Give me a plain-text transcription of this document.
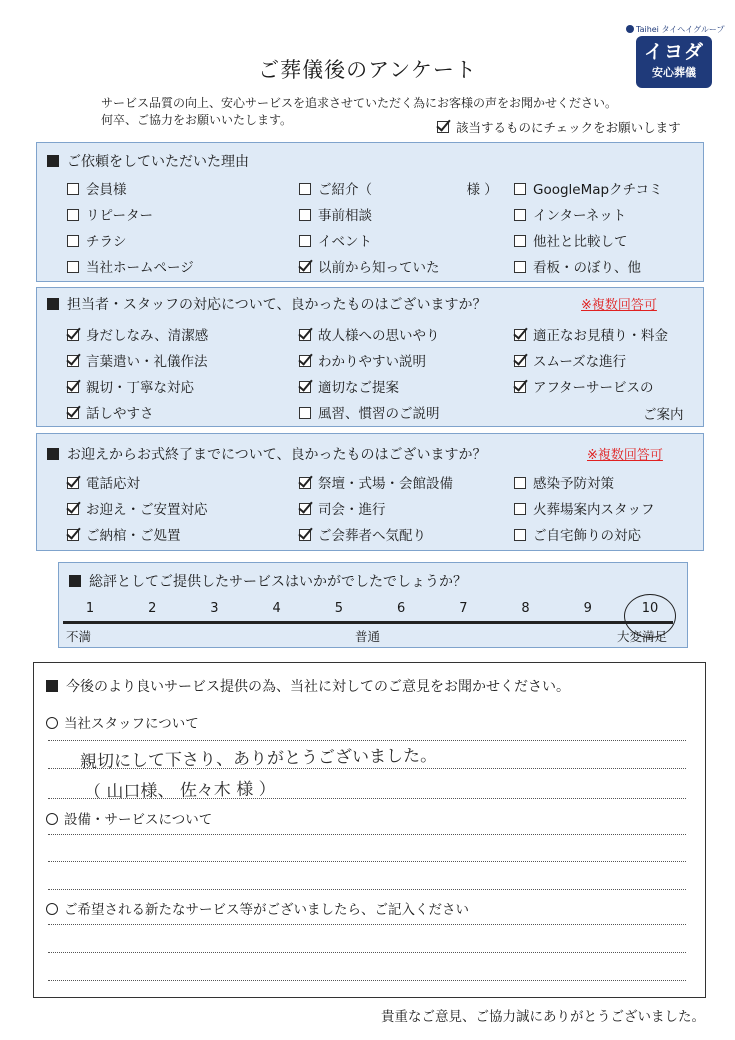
Taihei タイヘイグループ
イヨダ
安心葬儀
ご葬儀後のアンケート
サービス品質の向上、安心サービスを追求させていただく為にお客様の声をお聞かせください。
何卒、ご協力をお願いいたします。	該当するものにチェックをお願いします
ご依頼をしていただいた理由
会員様	ご紹介（　　　　　　　様 ）	GoogleMapクチコミ
リピーター	事前相談	インターネット
チラシ	イベント	他社と比較して
当社ホームページ	以前から知っていた	看板・のぼり、他
担当者・スタッフの対応について、良かったものはございますか？	※複数回答可
身だしなみ、清潔感	故人様への思いやり	適正なお見積り・料金
言葉遣い・礼儀作法	わかりやすい説明	スムーズな進行
親切・丁寧な対応	適切なご提案	アフターサービスの
話しやすさ	風習、慣習のご説明	ご案内
お迎えからお式終了までについて、良かったものはございますか？	※複数回答可
電話応対	祭壇・式場・会館設備	感染予防対策
お迎え・ご安置対応	司会・進行	火葬場案内スタッフ
ご納棺・ご処置	ご会葬者へ気配り	ご自宅飾りの対応
総評としてご提供したサービスはいかがでしたでしょうか？
1	2	3	4	5	6	7	8	9	10
不満	普通	大変満足
今後のより良いサービス提供の為、当社に対してのご意見をお聞かせください。
当社スタッフについて
親切にして下さり、ありがとうございました。
（ 山口様、 佐々木 様 ）
設備・サービスについて
ご希望される新たなサービス等がございましたら、ご記入ください
貴重なご意見、ご協力誠にありがとうございました。
